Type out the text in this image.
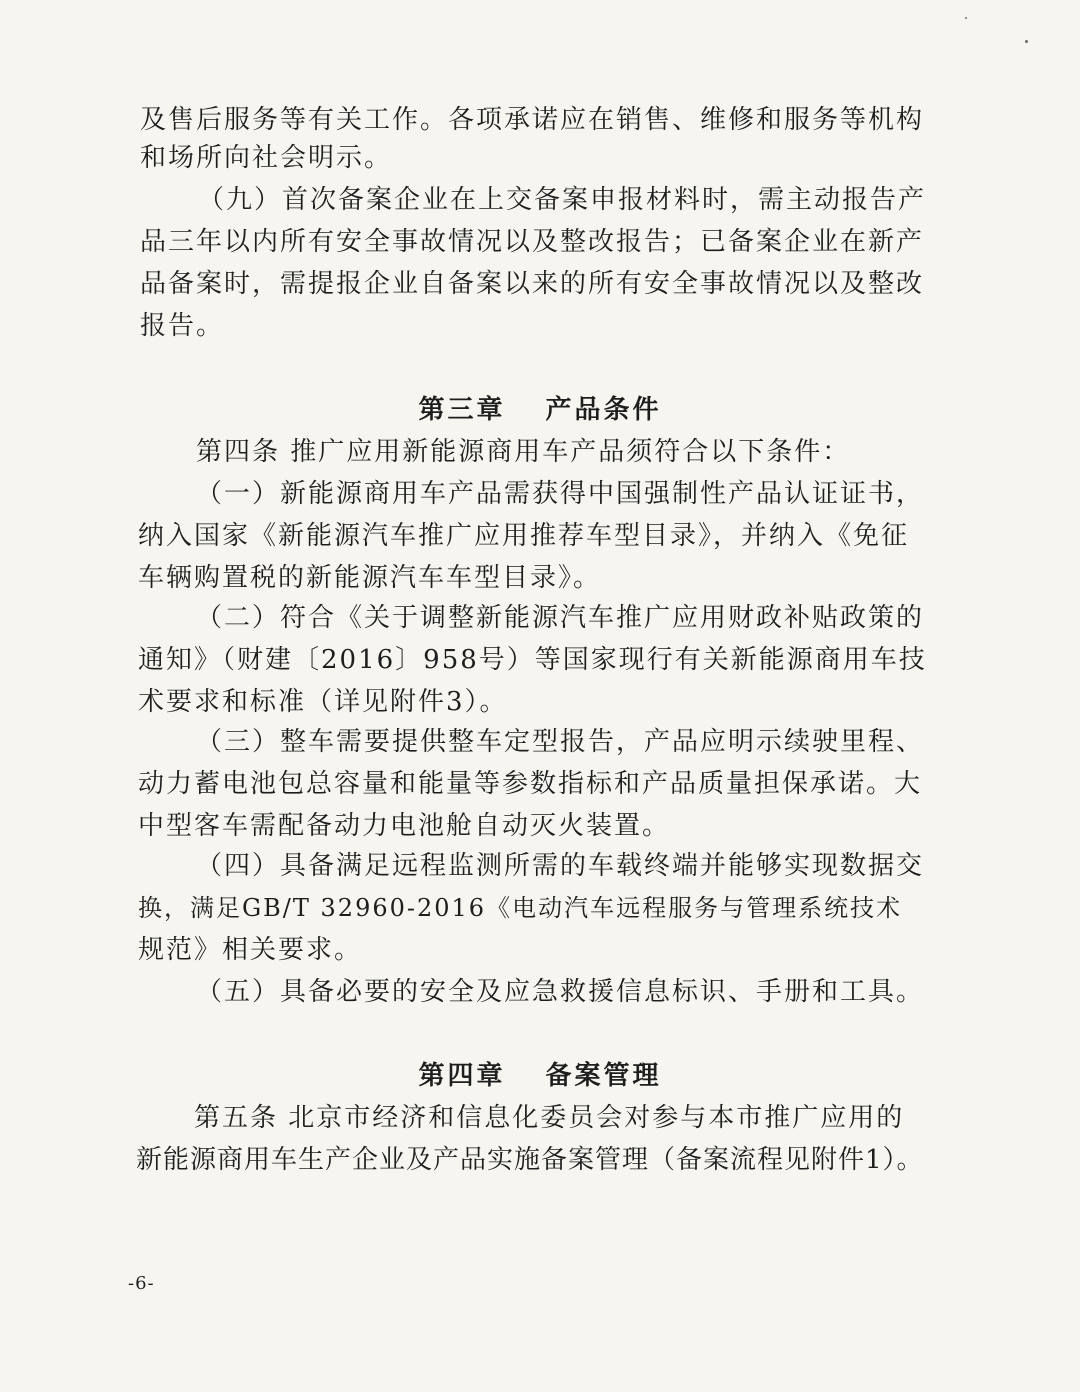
及售后服务等有关工作。各项承诺应在销售、维修和服务等机构

和场所向社会明示。

（九）首次备案企业在上交备案申报材料时，需主动报告产

品三年以内所有安全事故情况以及整改报告；已备案企业在新产

品备案时，需提报企业自备案以来的所有安全事故情况以及整改

报告。

第三章 产品条件

第四条 推广应用新能源商用车产品须符合以下条件：

（一）新能源商用车产品需获得中国强制性产品认证证书，

纳入国家《新能源汽车推广应用推荐车型目录》，并纳入《免征

车辆购置税的新能源汽车车型目录》。

（二）符合《关于调整新能源汽车推广应用财政补贴政策的

通知》（财建〔2016〕958号）等国家现行有关新能源商用车技

术要求和标准（详见附件3）。

（三）整车需要提供整车定型报告，产品应明示续驶里程、

动力蓄电池包总容量和能量等参数指标和产品质量担保承诺。大

中型客车需配备动力电池舱自动灭火装置。

（四）具备满足远程监测所需的车载终端并能够实现数据交

换，满足GB/T 32960-2016《电动汽车远程服务与管理系统技术

规范》相关要求。

（五）具备必要的安全及应急救援信息标识、手册和工具。

第四章 备案管理

第五条 北京市经济和信息化委员会对参与本市推广应用的

新能源商用车生产企业及产品实施备案管理（备案流程见附件1）。

-6-
